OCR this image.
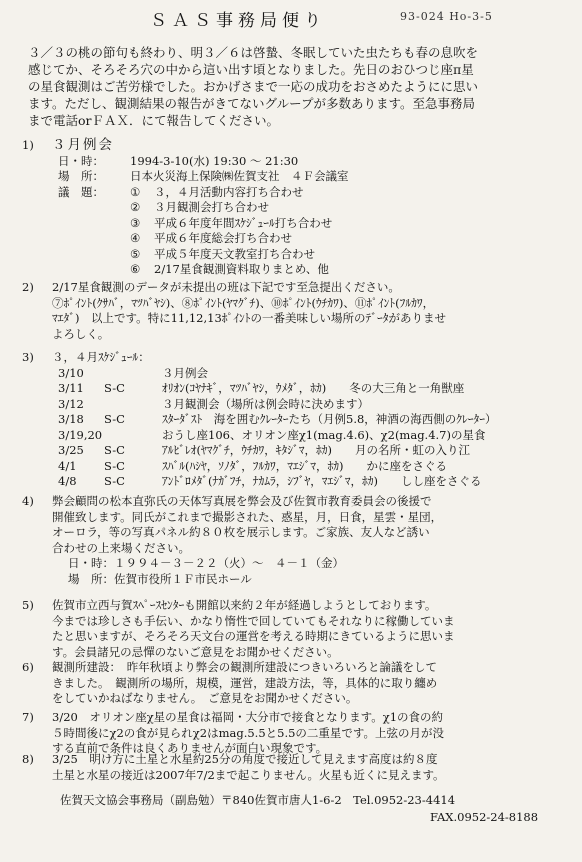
ＳＡＳ事務局便り	93-024 Ho-3-5
３／３の桃の節句も終わり、明３／６は啓蟄、冬眠していた虫たちも春の息吹を
感じてか、そろそろ穴の中から這い出す頃となりました。先日のおひつじ座π星
の星食観測はご苦労様でした。おかげさまで一応の成功をおさめたようにに思い
ます。ただし、観測結果の報告がきてないグループが多数あります。至急事務局
まで電話orＦＡＸ．にて報告してください。
1) ３月例会
日・時： 1994-3-10(水) 19:30 ～ 21:30
場　所： 日本火災海上保険㈱佐賀支社　４Ｆ会議室
議　題： ① ３，４月活動内容打ち合わせ
② ３月観測会打ち合わせ
③ 平成６年度年間ｽｹｼﾞｭｰﾙ打ち合わせ
④ 平成６年度総会打ち合わせ
⑤ 平成５年度天文教室打ち合わせ
⑥ 2/17星食観測資料取りまとめ、他
2) 2/17星食観測のデータが未提出の班は下記です至急提出ください。
⑦ﾎﾟｲﾝﾄ(ｸｻﾊﾞ，ﾏﾂﾊﾞﾔｼ)、⑧ﾎﾟｲﾝﾄ(ﾔﾏｸﾞﾁ)、⑩ﾎﾟｲﾝﾄ(ｳﾁｶﾜ)、⑪ﾎﾟｲﾝﾄ(ﾌﾙｶﾜ，
ﾏｴﾀﾞ)　以上です。特に11,12,13ﾎﾟｲﾝﾄの一番美味しい場所のﾃﾞｰﾀがありませ
よろしく。
3) ３，４月ｽｹｼﾞｭｰﾙ：
3/10	３月例会
3/11	S-C	ｵﾘｵﾝ(ｺﾔﾅｷﾞ，ﾏﾂﾊﾞﾔｼ，ｳﾒﾀﾞ，ﾎｶ)　　冬の大三角と一角獣座
3/12	３月観測会（場所は例会時に決めます）
3/18	S-C	ｽﾀｰﾀﾞｽﾄ　海を囲むｸﾚｰﾀｰたち（月例5.8，神酒の海西側のｸﾚｰﾀｰ）
3/19,20	おうし座106、オリオン座χ1(mag.4.6)、χ2(mag.4.7)の星食
3/25	S-C	ｱﾙﾋﾞﾚｵ(ﾔﾏｸﾞﾁ，ｳﾁｶﾜ，ｷﾀｼﾞﾏ，ﾎｶ)　　月の名所・虹の入り江
4/1	S-C	ｽﾊﾞﾙ(ﾊｼﾔ，ｿﾉﾀﾞ，ﾌﾙｶﾜ，ﾏｴｼﾞﾏ，ﾎｶ)　　かに座をさぐる
4/8	S-C	ｱﾝﾄﾞﾛﾒﾀﾞ(ﾅｶﾞﾌﾁ，ﾅｶﾑﾗ，ｼﾌﾞﾔ，ﾏｴｼﾞﾏ，ﾎｶ)　　しし座をさぐる
4) 弊会顧問の松本直弥氏の天体写真展を弊会及び佐賀市教育委員会の後援で
開催致します。同氏がこれまで撮影された、惑星，月，日食，星雲・星団，
オーロラ，等の写真パネル約８０枚を展示します。ご家族、友人など誘い
合わせの上来場ください。
日・時：１９９４－３－２２（火）～　４－１（金）
場　所：佐賀市役所１Ｆ市民ホール
5) 佐賀市立西与賀ｽﾍﾟｰｽｾﾝﾀｰも開館以来約２年が経過しようとしております。
今までは珍しさも手伝い、かなり惰性で回していてもそれなりに稼働していま
たと思いますが、そろそろ天文台の運営を考える時期にきているように思いま
す。会員諸兄の忌憚のないご意見をお聞かせください。
6) 観測所建設：　昨年秋頃より弊会の観測所建設につきいろいろと論議をして
きました。　観測所の場所，規模，運営，建設方法，等，具体的に取り纏め
をしていかねばなりません。　ご意見をお聞かせください。
7) 3/20　オリオン座χ星の星食は福岡・大分市で接食となります。χ1の食の約
５時間後にχ2の食が見られχ2はmag.5.5と5.5の二重星です。上弦の月が没
する直前で条件は良くありませんが面白い現象です。
8) 3/25　明け方に土星と水星約25分の角度で接近して見えます高度は約８度
土星と水星の接近は2007年7/2まで起こりません。火星も近くに見えます。
佐賀天文協会事務局（副島勉）〒840佐賀市唐人1-6-2　Tel.0952-23-4414
FAX.0952-24-8188
